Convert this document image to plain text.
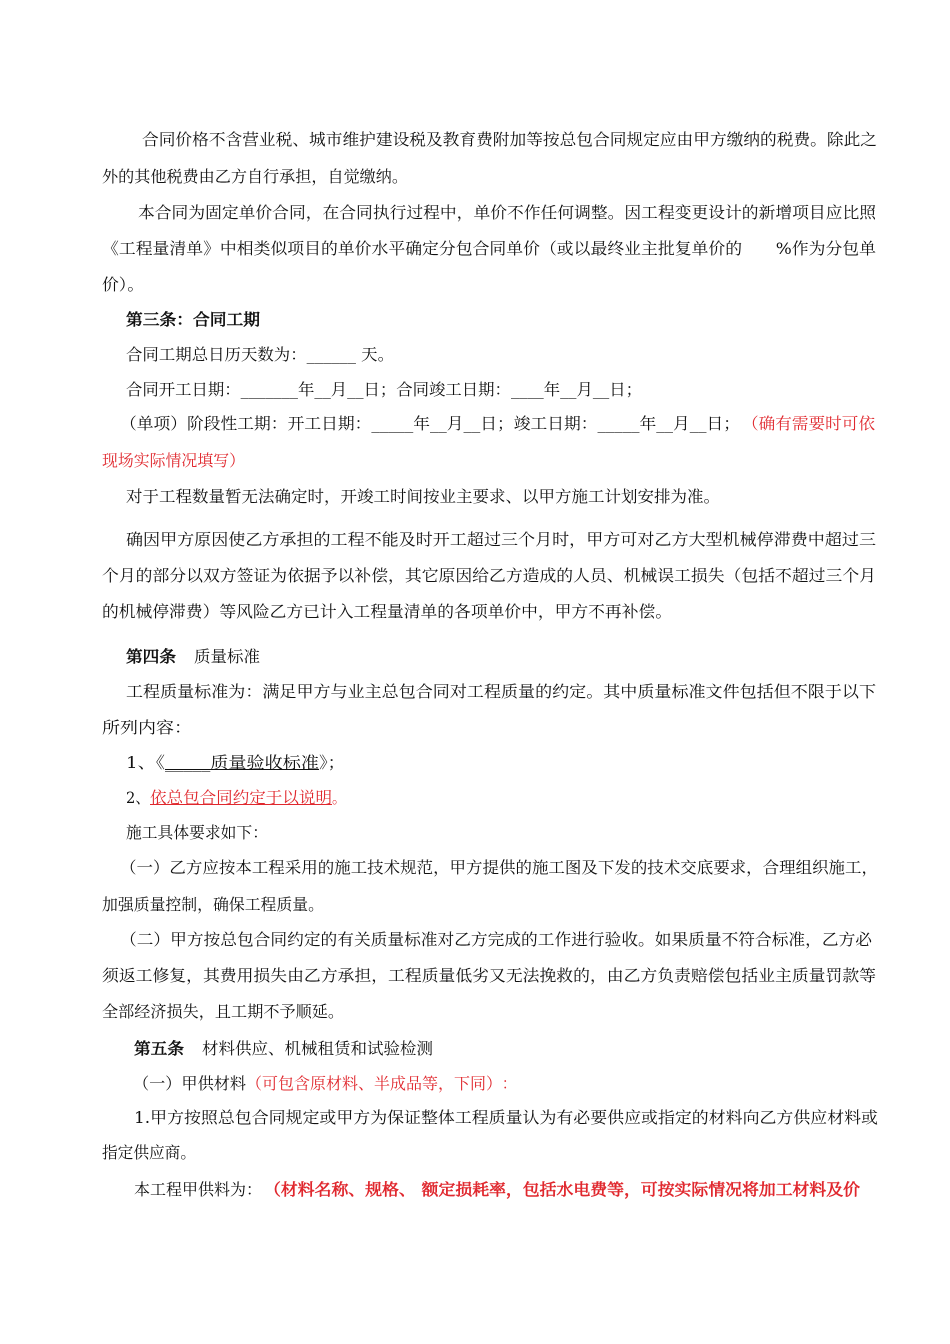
合同价格不含营业税、城市维护建设税及教育费附加等按总包合同规定应由甲方缴纳的税费。除此之
外的其他税费由乙方自行承担，自觉缴纳。
本合同为固定单价合同，在合同执行过程中，单价不作任何调整。因工程变更设计的新增项目应比照
《工程量清单》中相类似项目的单价水平确定分包合同单价（或以最终业主批复单价的　　%作为分包单
价）。
第三条：合同工期
合同工期总日历天数为：______ 天。
合同开工日期：_______年__月__日；合同竣工日期：____年__月__日；
（单项）阶段性工期：开工日期：_____年__月__日；竣工日期：_____年__月__日； （确有需要时可依
现场实际情况填写）
对于工程数量暂无法确定时，开竣工时间按业主要求、以甲方施工计划安排为准。
确因甲方原因使乙方承担的工程不能及时开工超过三个月时，甲方可对乙方大型机械停滞费中超过三
个月的部分以双方签证为依据予以补偿，其它原因给乙方造成的人员、机械误工损失（包括不超过三个月
的机械停滞费）等风险乙方已计入工程量清单的各项单价中，甲方不再补偿。
第四条 质量标准
工程质量标准为：满足甲方与业主总包合同对工程质量的约定。其中质量标准文件包括但不限于以下
所列内容：
1、《_____质量验收标准》；
2、依总包合同约定于以说明。
施工具体要求如下：
（一）乙方应按本工程采用的施工技术规范，甲方提供的施工图及下发的技术交底要求，合理组织施工，
加强质量控制，确保工程质量。
（二）甲方按总包合同约定的有关质量标准对乙方完成的工作进行验收。如果质量不符合标准，乙方必
须返工修复，其费用损失由乙方承担，工程质量低劣又无法挽救的，由乙方负责赔偿包括业主质量罚款等
全部经济损失，且工期不予顺延。
第五条 材料供应、机械租赁和试验检测
（一）甲供材料（可包含原材料、半成品等，下同）：
1.甲方按照总包合同规定或甲方为保证整体工程质量认为有必要供应或指定的材料向乙方供应材料或
指定供应商。
本工程甲供料为： （材料名称、规格、 额定损耗率，包括水电费等，可按实际情况将加工材料及价
